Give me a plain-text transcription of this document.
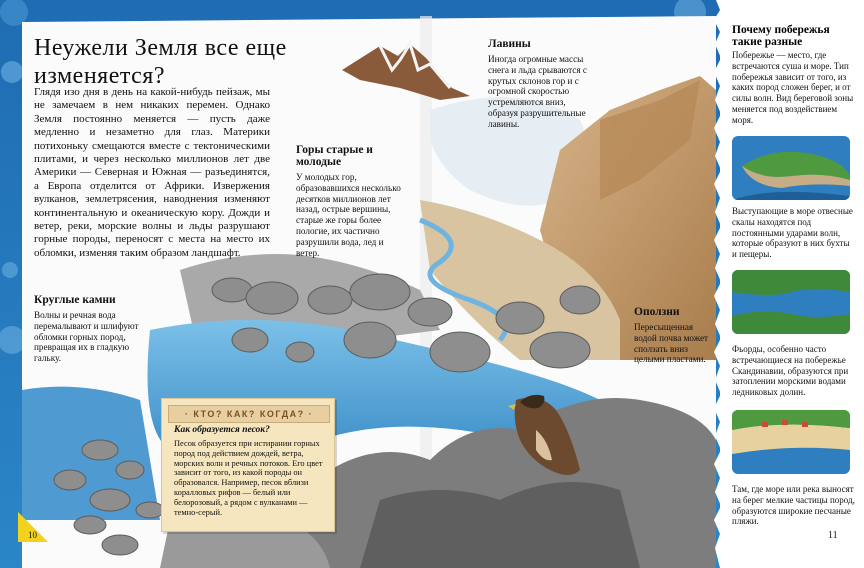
Неужели Земля все еще изменяется?
Глядя изо дня в день на какой-нибудь пейзаж, мы не замечаем в нем никаких перемен. Однако Земля постоянно меняется — пусть даже медленно и незаметно для глаз. Материки потихоньку смещаются вместе с тектоническими плитами, и через несколько миллионов лет две Америки — Северная и Южная — разъединятся, а Европа отделится от Африки. Извержения вулканов, землетрясения, наводнения изменяют континентальную и океаническую кору. Дожди и ветер, реки, морские волны и льды разрушают горные породы, переносят с места на место их обломки, изменяя таким образом ландшафт.
Горы старые и молодые
У молодых гор, образовавшихся несколько десятков миллионов лет назад, острые вершины, старые же горы более пологие, их частично разрушили вода, лед и ветер.
Лавины
Иногда огромные массы снега и льда срываются с крутых склонов гор и с огромной скоростью устремляются вниз, образуя разрушительные лавины.
Круглые камни
Волны и речная вода перемалывают и шлифуют обломки горных пород, превращая их в гладкую гальку.
Оползни
Пересыщенная водой почва может сползать вниз целыми пластами.
· КТО? КАК? КОГДА? ·
Как образуется песок?
Песок образуется при истирании горных пород под действием дождей, ветра, морских волн и речных потоков. Его цвет зависит от того, из какой породы он образовался. Например, песок вблизи коралловых рифов — белый или белорозовый, а рядом с вулканами — темно-серый.
10
Почему побережья такие разные
Побережье — место, где встречаются суша и море. Тип побережья зависит от того, из каких пород сложен берег, и от силы волн. Вид береговой зоны меняется под воздействием моря.
Выступающие в море отвесные скалы находятся под постоянными ударами волн, которые образуют в них бухты и пещеры.
Фьорды, особенно часто встречающиеся на побережье Скандинавии, образуются при затоплении морскими водами ледниковых долин.
Там, где море или река выносят на берег мелкие частицы пород, образуются широкие песчаные пляжи.
11
